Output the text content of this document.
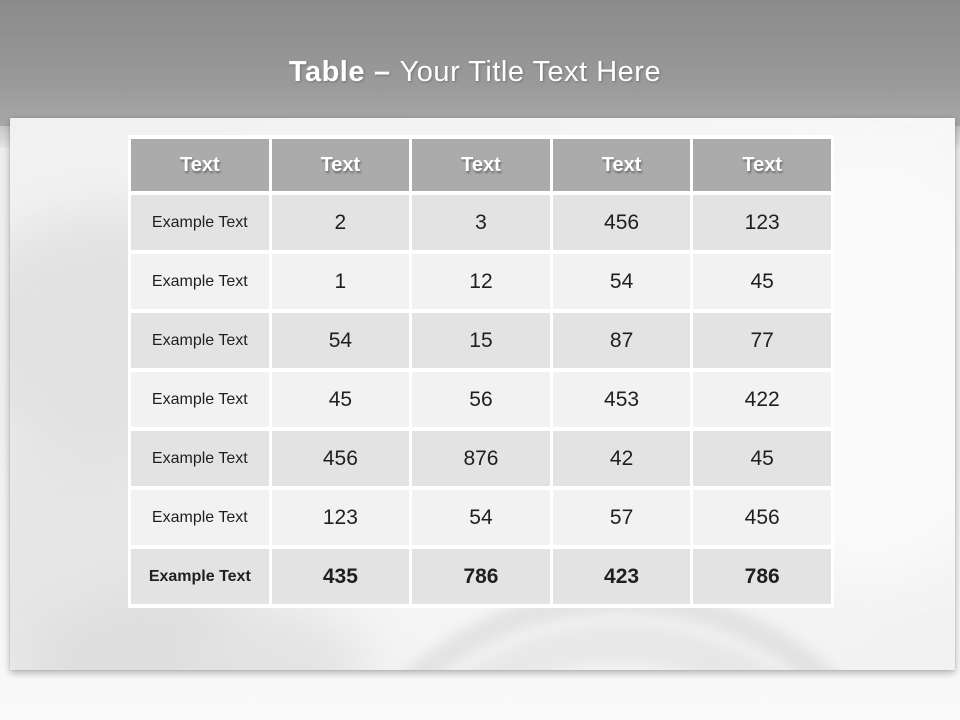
Table – Your Title Text Here
Text	Text	Text	Text	Text
Example Text	2	3	456	123
Example Text	1	12	54	45
Example Text	54	15	87	77
Example Text	45	56	453	422
Example Text	456	876	42	45
Example Text	123	54	57	456
Example Text	435	786	423	786
